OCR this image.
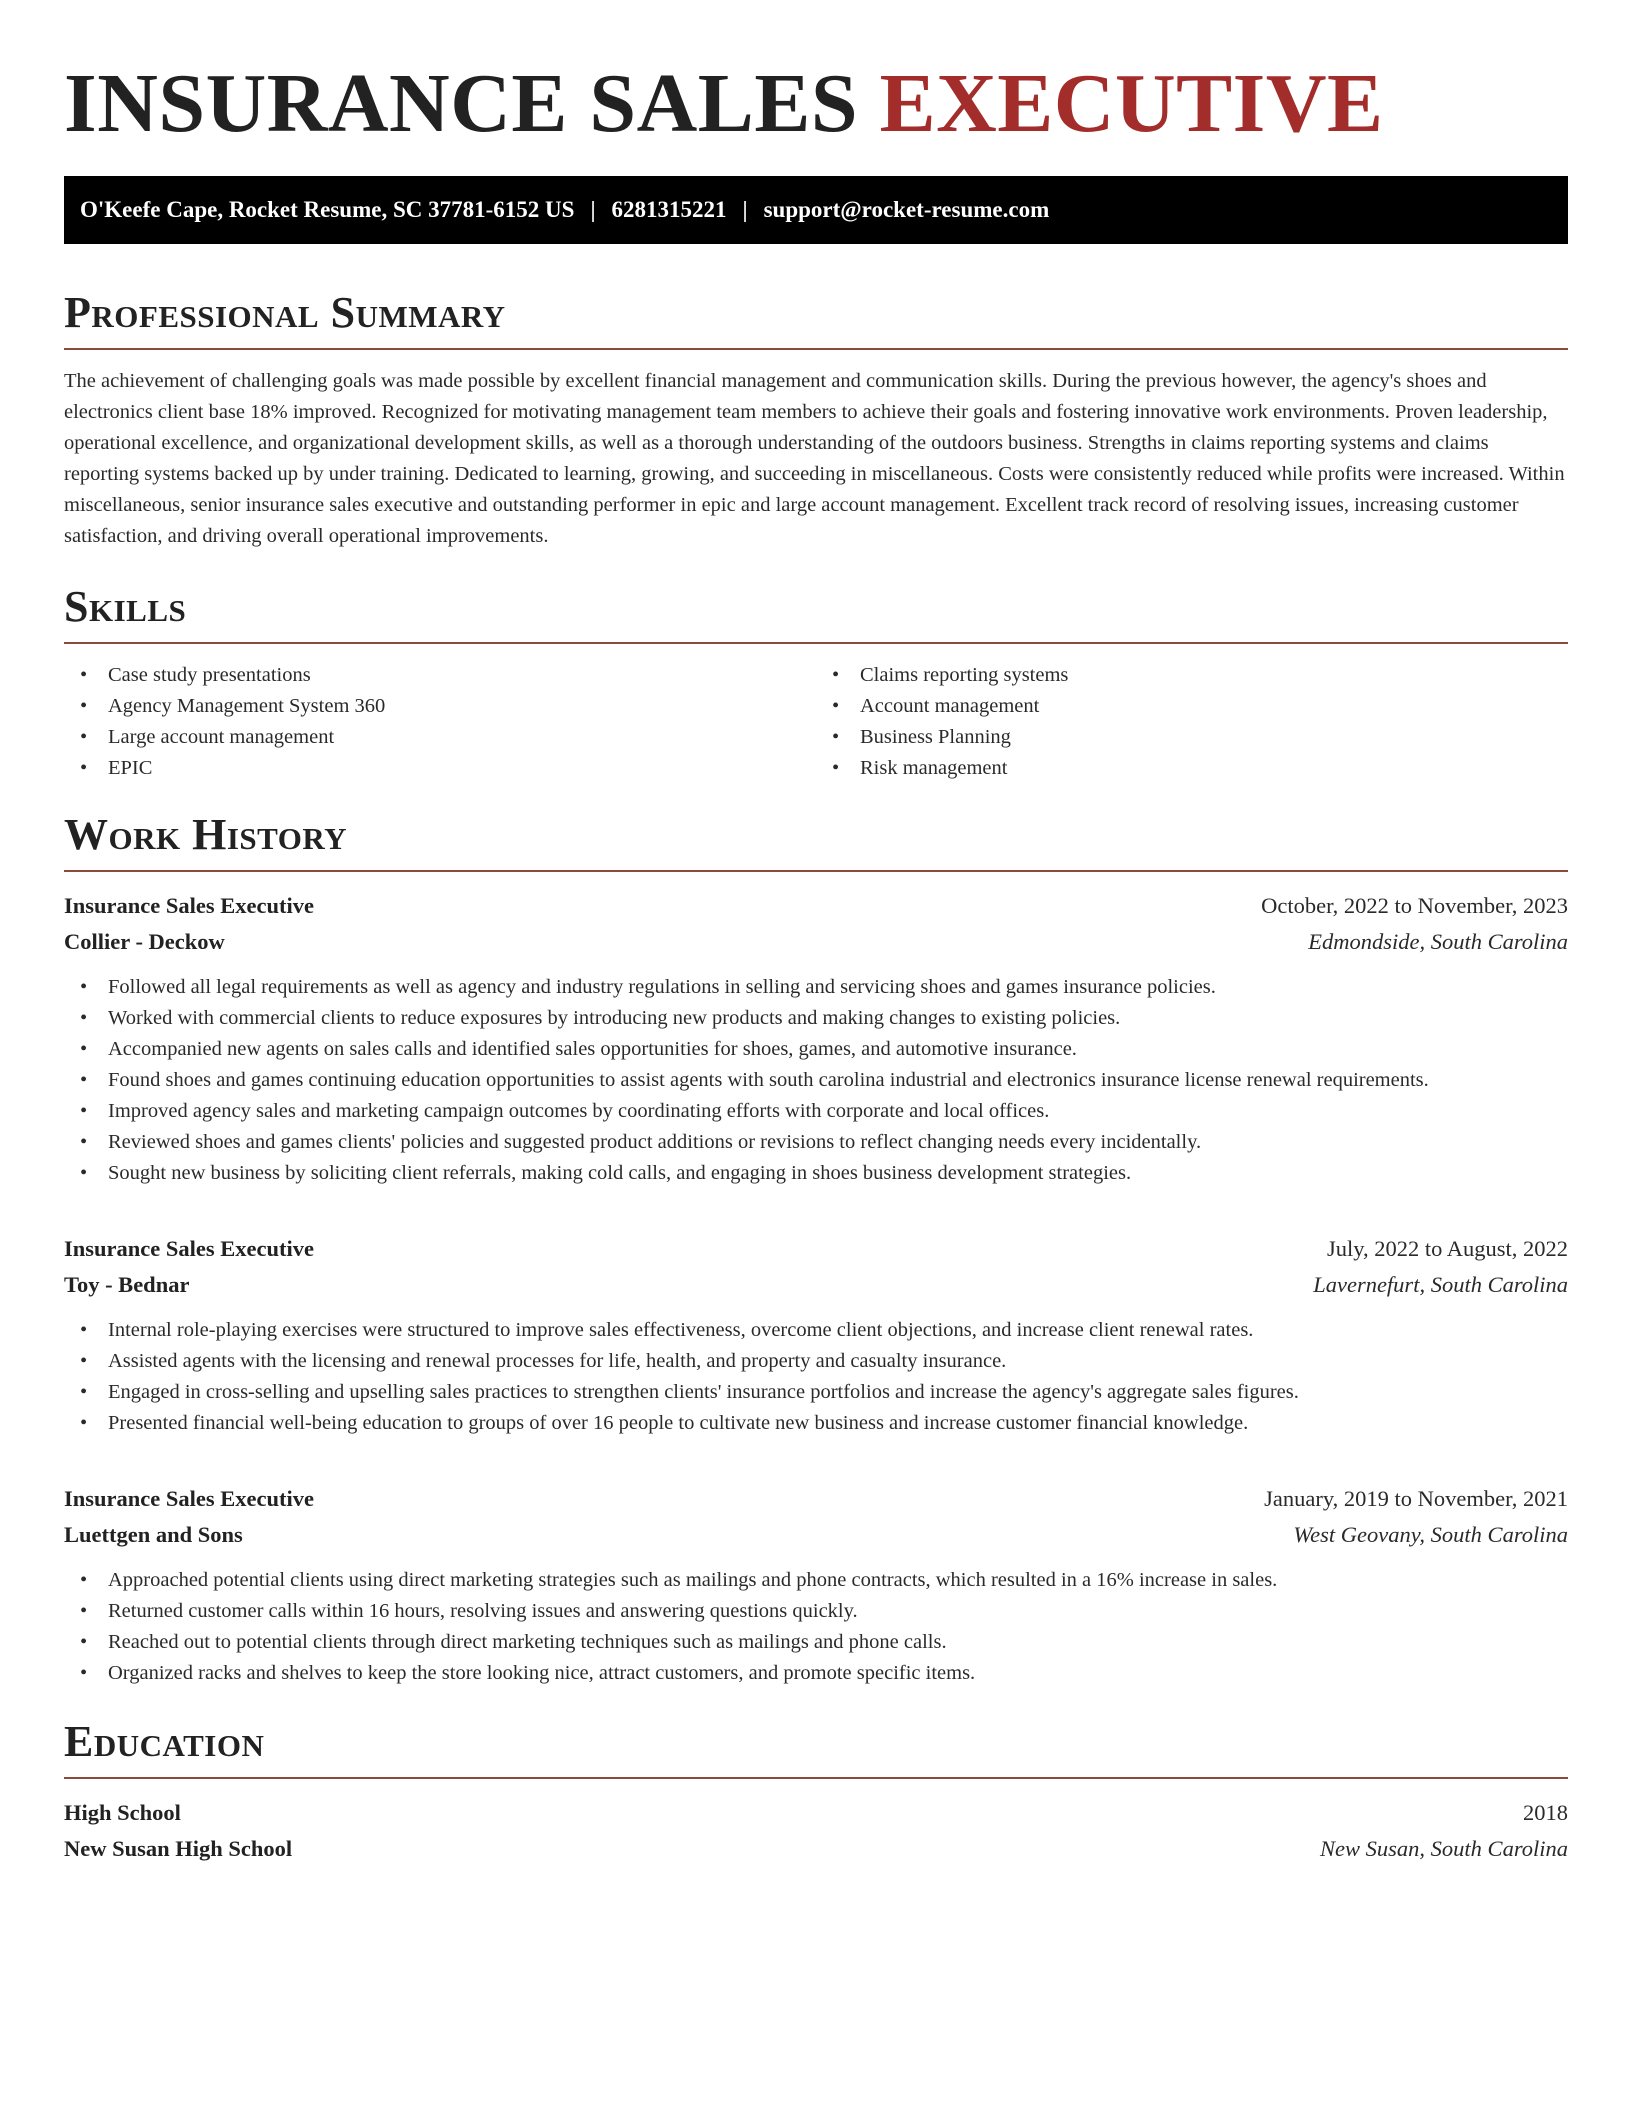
INSURANCE SALES EXECUTIVE
O'Keefe Cape, Rocket Resume, SC 37781-6152 US | 6281315221 | support@rocket-resume.com
Professional Summary

The achievement of challenging goals was made possible by excellent financial management and communication skills. During the previous however, the agency's shoes and electronics client base 18% improved. Recognized for motivating management team members to achieve their goals and fostering innovative work environments. Proven leadership, operational excellence, and organizational development skills, as well as a thorough understanding of the outdoors business. Strengths in claims reporting systems and claims reporting systems backed up by under training. Dedicated to learning, growing, and succeeding in miscellaneous. Costs were consistently reduced while profits were increased. Within miscellaneous, senior insurance sales executive and outstanding performer in epic and large account management. Excellent track record of resolving issues, increasing customer satisfaction, and driving overall operational improvements.

Skills
• Case study presentations
• Agency Management System 360
• Large account management
• EPIC
• Claims reporting systems
• Account management
• Business Planning
• Risk management
Work History
Insurance Sales Executive	October, 2022 to November, 2023
Collier - Deckow	Edmondside, South Carolina
• Followed all legal requirements as well as agency and industry regulations in selling and servicing shoes and games insurance policies.
• Worked with commercial clients to reduce exposures by introducing new products and making changes to existing policies.
• Accompanied new agents on sales calls and identified sales opportunities for shoes, games, and automotive insurance.
• Found shoes and games continuing education opportunities to assist agents with south carolina industrial and electronics insurance license renewal requirements.
• Improved agency sales and marketing campaign outcomes by coordinating efforts with corporate and local offices.
• Reviewed shoes and games clients' policies and suggested product additions or revisions to reflect changing needs every incidentally.
• Sought new business by soliciting client referrals, making cold calls, and engaging in shoes business development strategies.
Insurance Sales Executive	July, 2022 to August, 2022
Toy - Bednar	Lavernefurt, South Carolina
• Internal role-playing exercises were structured to improve sales effectiveness, overcome client objections, and increase client renewal rates.
• Assisted agents with the licensing and renewal processes for life, health, and property and casualty insurance.
• Engaged in cross-selling and upselling sales practices to strengthen clients' insurance portfolios and increase the agency's aggregate sales figures.
• Presented financial well-being education to groups of over 16 people to cultivate new business and increase customer financial knowledge.
Insurance Sales Executive	January, 2019 to November, 2021
Luettgen and Sons	West Geovany, South Carolina
• Approached potential clients using direct marketing strategies such as mailings and phone contracts, which resulted in a 16% increase in sales.
• Returned customer calls within 16 hours, resolving issues and answering questions quickly.
• Reached out to potential clients through direct marketing techniques such as mailings and phone calls.
• Organized racks and shelves to keep the store looking nice, attract customers, and promote specific items.
Education
High School	2018
New Susan High School	New Susan, South Carolina
